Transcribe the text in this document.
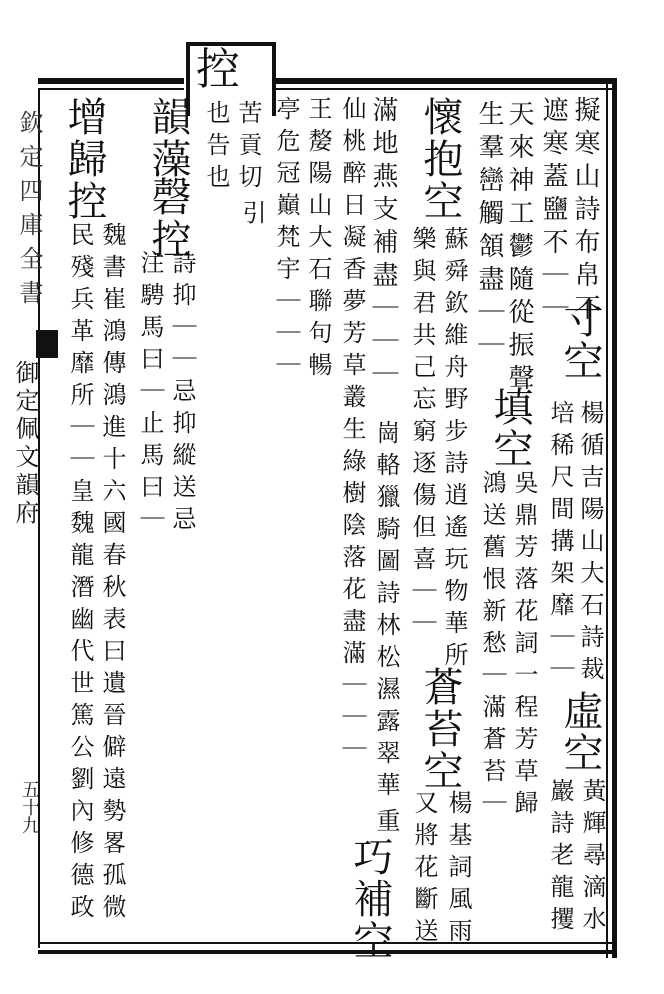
控
擬寒山詩布帛不
遮寒蓋鹽不｜｜
寸空
楊循吉陽山大石詩裁
培稀尺間搆架靡｜｜
虛空
黃輝尋滴水
天來神工鬱隨從振聲
填空
吳鼎芳落花詞一程芳草歸
巖詩老龍攫
生羣巒觸頷盡｜｜
鴻送舊恨新愁｜滿蒼苔｜
懷抱空
蘇舜欽維舟野步詩逍遙玩物華所
蒼苔空
楊基詞風雨
樂與君共己忘窮逐傷但喜｜｜
又將花斷送
滿地燕支補盡｜｜｜
崗輅獵騎圖詩林松濕露翠華
重
仙桃醉日凝香夢芳草叢生綠樹陰落花盡滿｜｜｜
巧補空
王嫠陽山大石聯句暢
亭危冠巔梵宇｜｜｜
苦貢切
引
也告也
韻藻
磬控
詩抑｜｜忌抑縱送忌
注騁馬曰｜止馬曰｜
增歸控
魏書崔鴻傳鴻進十六國春秋表曰遺晉僻遠勢畧孤微
民殘兵革靡所｜｜皇魏龍潛幽代世篤公劉內修德政
欽定四庫全書
御定佩文韻府
五十九
